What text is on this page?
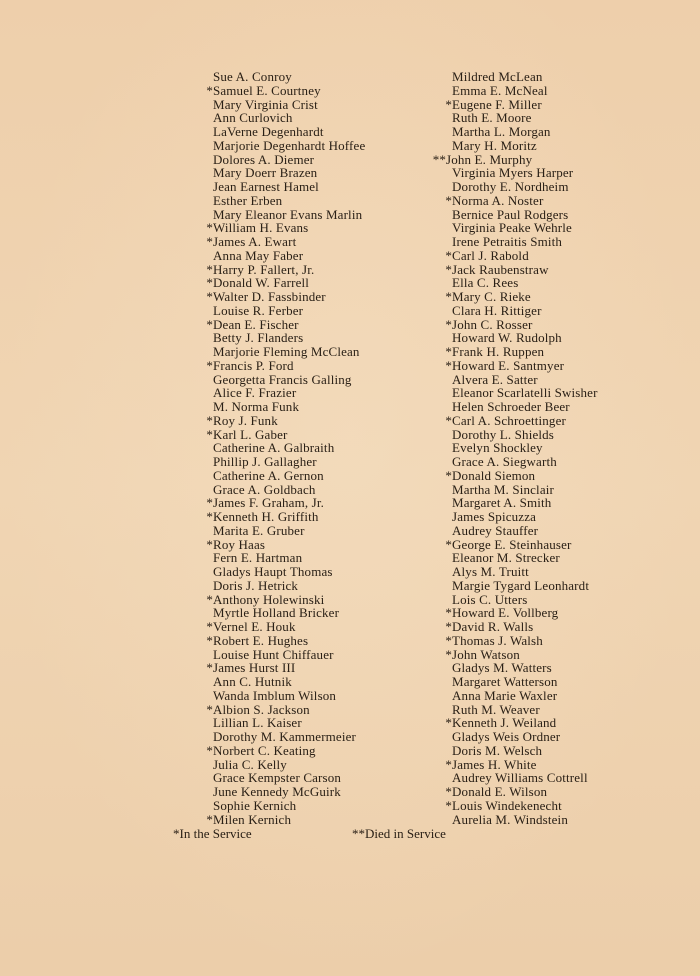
Sue A. Conroy
*Samuel E. Courtney
Mary Virginia Crist
Ann Curlovich
LaVerne Degenhardt
Marjorie Degenhardt Hoffee
Dolores A. Diemer
Mary Doerr Brazen
Jean Earnest Hamel
Esther Erben
Mary Eleanor Evans Marlin
*William H. Evans
*James A. Ewart
Anna May Faber
*Harry P. Fallert, Jr.
*Donald W. Farrell
*Walter D. Fassbinder
Louise R. Ferber
*Dean E. Fischer
Betty J. Flanders
Marjorie Fleming McClean
*Francis P. Ford
Georgetta Francis Galling
Alice F. Frazier
M. Norma Funk
*Roy J. Funk
*Karl L. Gaber
Catherine A. Galbraith
Phillip J. Gallagher
Catherine A. Gernon
Grace A. Goldbach
*James F. Graham, Jr.
*Kenneth H. Griffith
Marita E. Gruber
*Roy Haas
Fern E. Hartman
Gladys Haupt Thomas
Doris J. Hetrick
*Anthony Holewinski
Myrtle Holland Bricker
*Vernel E. Houk
*Robert E. Hughes
Louise Hunt Chiffauer
*James Hurst III
Ann C. Hutnik
Wanda Imblum Wilson
*Albion S. Jackson
Lillian L. Kaiser
Dorothy M. Kammermeier
*Norbert C. Keating
Julia C. Kelly
Grace Kempster Carson
June Kennedy McGuirk
Sophie Kernich
*Milen Kernich
Mildred McLean
Emma E. McNeal
*Eugene F. Miller
Ruth E. Moore
Martha L. Morgan
Mary H. Moritz
**John E. Murphy
Virginia Myers Harper
Dorothy E. Nordheim
*Norma A. Noster
Bernice Paul Rodgers
Virginia Peake Wehrle
Irene Petraitis Smith
*Carl J. Rabold
*Jack Raubenstraw
Ella C. Rees
*Mary C. Rieke
Clara H. Rittiger
*John C. Rosser
Howard W. Rudolph
*Frank H. Ruppen
*Howard E. Santmyer
Alvera E. Satter
Eleanor Scarlatelli Swisher
Helen Schroeder Beer
*Carl A. Schroettinger
Dorothy L. Shields
Evelyn Shockley
Grace A. Siegwarth
*Donald Siemon
Martha M. Sinclair
Margaret A. Smith
James Spicuzza
Audrey Stauffer
*George E. Steinhauser
Eleanor M. Strecker
Alys M. Truitt
Margie Tygard Leonhardt
Lois C. Utters
*Howard E. Vollberg
*David R. Walls
*Thomas J. Walsh
*John Watson
Gladys M. Watters
Margaret Watterson
Anna Marie Waxler
Ruth M. Weaver
*Kenneth J. Weiland
Gladys Weis Ordner
Doris M. Welsch
*James H. White
Audrey Williams Cottrell
*Donald E. Wilson
*Louis Windekenecht
Aurelia M. Windstein
*In the Service	**Died in Service
